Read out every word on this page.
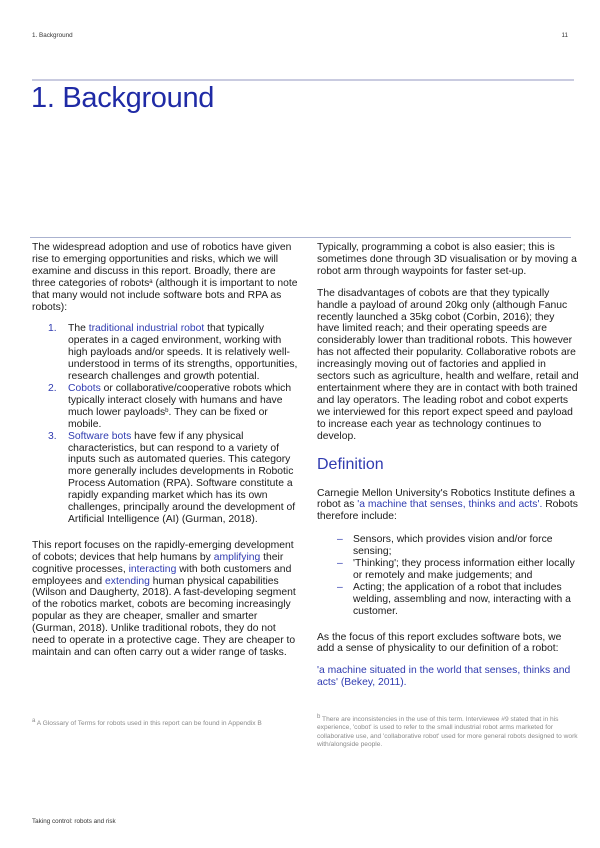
1. Background	11
1. Background

The widespread adoption and use of robotics have given rise to emerging opportunities and risks, which we will examine and discuss in this report. Broadly, there are three categories of robots$^a$ (although it is important to note that many would not include software bots and RPA as robots):

1. The traditional industrial robot that typically operates in a caged environment, working with high payloads and/or speeds. It is relatively well-understood in terms of its strengths, opportunities, research challenges and growth potential.
2. Cobots or collaborative/cooperative robots which typically interact closely with humans and have much lower payloads$^b$. They can be fixed or mobile.
3. Software bots have few if any physical characteristics, but can respond to a variety of inputs such as automated queries. This category more generally includes developments in Robotic Process Automation (RPA). Software constitute a rapidly expanding market which has its own challenges, principally around the development of Artificial Intelligence (AI) (Gurman, 2018).

This report focuses on the rapidly-emerging development of cobots; devices that help humans by amplifying their cognitive processes, interacting with both customers and employees and extending human physical capabilities (Wilson and Daugherty, 2018). A fast-developing segment of the robotics market, cobots are becoming increasingly popular as they are cheaper, smaller and smarter (Gurman, 2018). Unlike traditional robots, they do not need to operate in a protective cage. They are cheaper to maintain and can often carry out a wider range of tasks.

Typically, programming a cobot is also easier; this is sometimes done through 3D visualisation or by moving a robot arm through waypoints for faster set-up.

The disadvantages of cobots are that they typically handle a payload of around 20kg only (although Fanuc recently launched a 35kg cobot (Corbin, 2016); they have limited reach; and their operating speeds are considerably lower than traditional robots. This however has not affected their popularity. Collaborative robots are increasingly moving out of factories and applied in sectors such as agriculture, health and welfare, retail and entertainment where they are in contact with both trained and lay operators. The leading robot and cobot experts we interviewed for this report expect speed and payload to increase each year as technology continues to develop.

Definition

Carnegie Mellon University's Robotics Institute defines a robot as 'a machine that senses, thinks and acts'. Robots therefore include:

– Sensors, which provides vision and/or force sensing;
– 'Thinking'; they process information either locally or remotely and make judgements; and
– Acting; the application of a robot that includes welding, assembling and now, interacting with a customer.

As the focus of this report excludes software bots, we add a sense of physicality to our definition of a robot:

'a machine situated in the world that senses, thinks and acts' (Bekey, 2011).

$^a$ A Glossary of Terms for robots used in this report can be found in Appendix B
$^b$ There are inconsistencies in the use of this term. Interviewee #9 stated that in his experience, 'cobot' is used to refer to the small industrial robot arms marketed for collaborative use, and 'collaborative robot' used for more general robots designed to work with/alongside people.
Taking control: robots and risk
